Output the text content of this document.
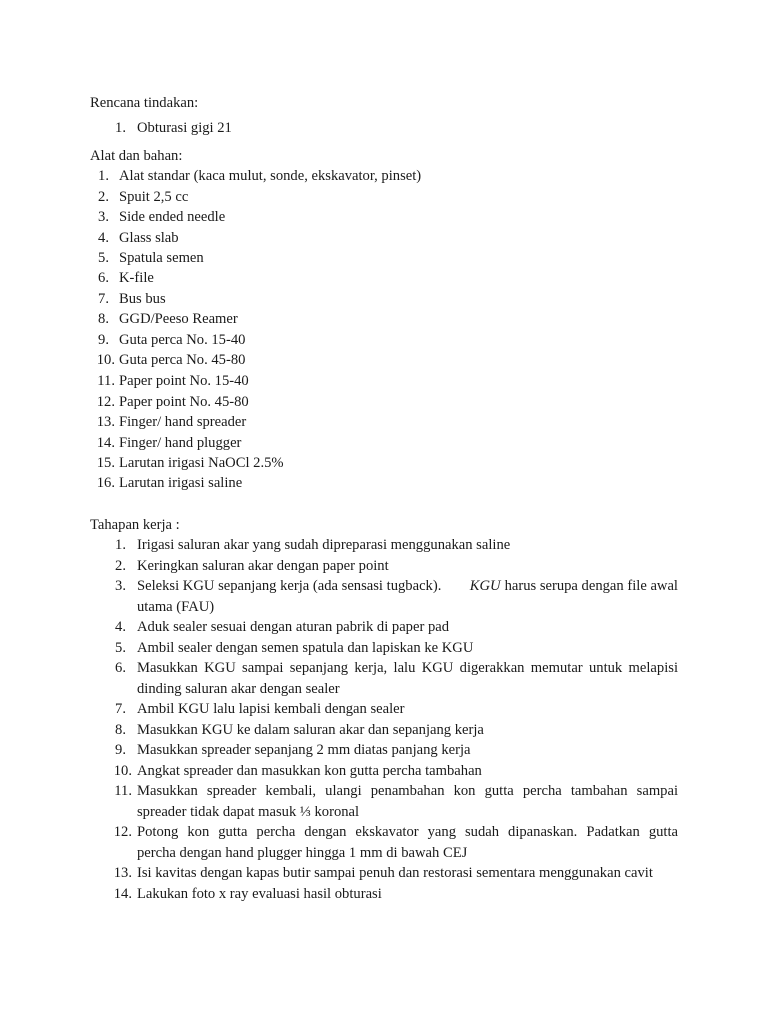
Rencana tindakan:
1. Obturasi gigi 21
Alat dan bahan:
1. Alat standar (kaca mulut, sonde, ekskavator, pinset)
2. Spuit 2,5 cc
3. Side ended needle
4. Glass slab
5. Spatula semen
6. K-file
7. Bus bus
8. GGD/Peeso Reamer
9. Guta perca No. 15-40
10. Guta perca No. 45-80
11. Paper point No. 15-40
12. Paper point No. 45-80
13. Finger/ hand spreader
14. Finger/ hand plugger
15. Larutan irigasi NaOCl 2.5%
16. Larutan irigasi saline
Tahapan kerja :
1. Irigasi saluran akar yang sudah dipreparasi menggunakan saline
2. Keringkan saluran akar dengan paper point
3. Seleksi KGU sepanjang kerja (ada sensasi tugback). KGU harus serupa dengan file awal
utama (FAU)
4. Aduk sealer sesuai dengan aturan pabrik di paper pad
5. Ambil sealer dengan semen spatula dan lapiskan ke KGU
6. Masukkan KGU sampai sepanjang kerja, lalu KGU digerakkan memutar untuk melapisi
dinding saluran akar dengan sealer
7. Ambil KGU lalu lapisi kembali dengan sealer
8. Masukkan KGU ke dalam saluran akar dan sepanjang kerja
9. Masukkan spreader sepanjang 2 mm diatas panjang kerja
10. Angkat spreader dan masukkan kon gutta percha tambahan
11. Masukkan spreader kembali, ulangi penambahan kon gutta percha tambahan sampai
spreader tidak dapat masuk ⅓ koronal
12. Potong kon gutta percha dengan ekskavator yang sudah dipanaskan. Padatkan gutta
percha dengan hand plugger hingga 1 mm di bawah CEJ
13. Isi kavitas dengan kapas butir sampai penuh dan restorasi sementara menggunakan cavit
14. Lakukan foto x ray evaluasi hasil obturasi
